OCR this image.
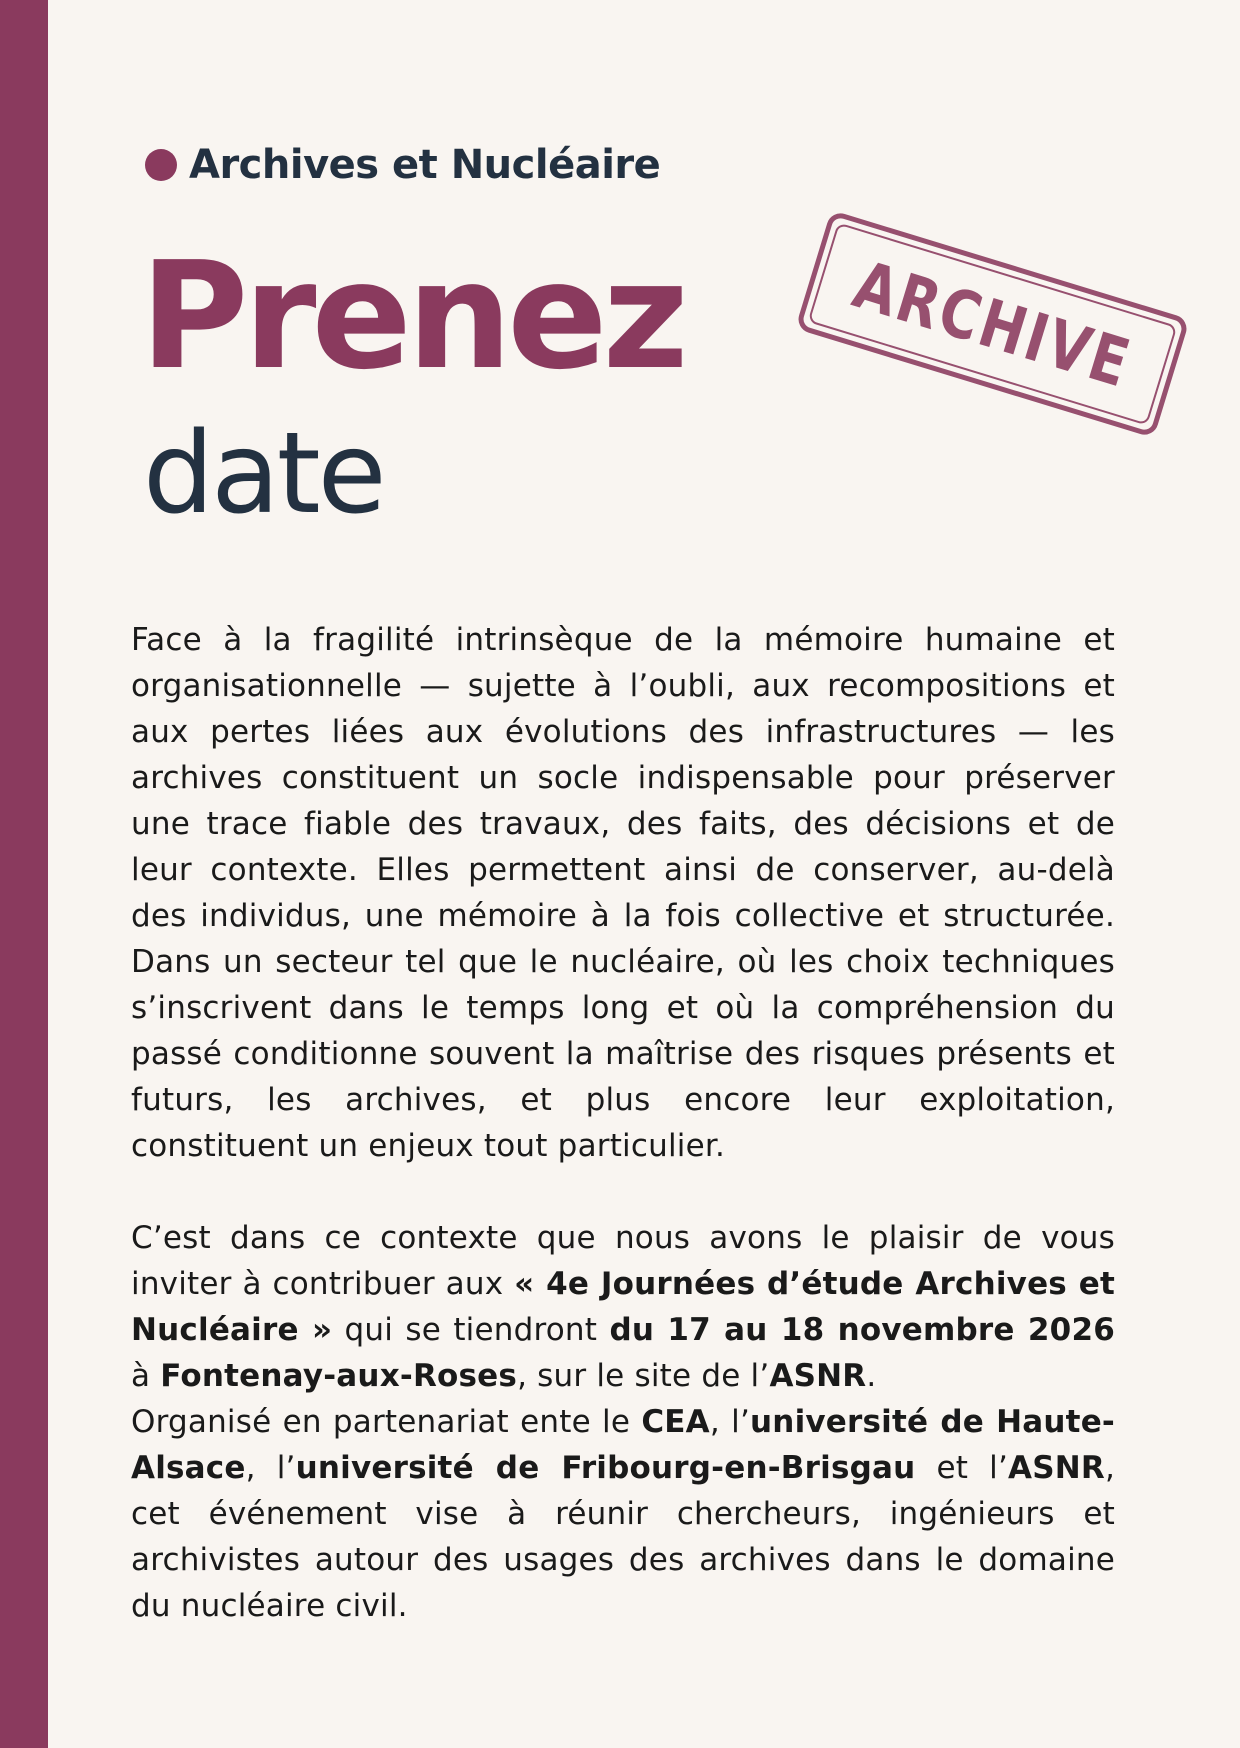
Archives et Nucléaire
Prenez
date
ARCHIVE

Face à la fragilité intrinsèque de la mémoire humaine et organisationnelle — sujette à l’oubli, aux recompositions et aux pertes liées aux évolutions des infrastructures — les archives constituent un socle indispensable pour préserver une trace fiable des travaux, des faits, des décisions et de leur contexte. Elles permettent ainsi de conserver, au-delà des individus, une mémoire à la fois collective et structurée. Dans un secteur tel que le nucléaire, où les choix techniques s’inscrivent dans le temps long et où la compréhension du passé conditionne souvent la maîtrise des risques présents et futurs, les archives, et plus encore leur exploitation, constituent un enjeux tout particulier.

C’est dans ce contexte que nous avons le plaisir de vous inviter à contribuer aux « 4e Journées d’étude Archives et Nucléaire » qui se tiendront du 17 au 18 novembre 2026 à Fontenay-aux-Roses, sur le site de l’ASNR.

Organisé en partenariat ente le CEA, l’université de Haute-Alsace, l’université de Fribourg-en-Brisgau et l’ASNR, cet événement vise à réunir chercheurs, ingénieurs et archivistes autour des usages des archives dans le domaine du nucléaire civil.
